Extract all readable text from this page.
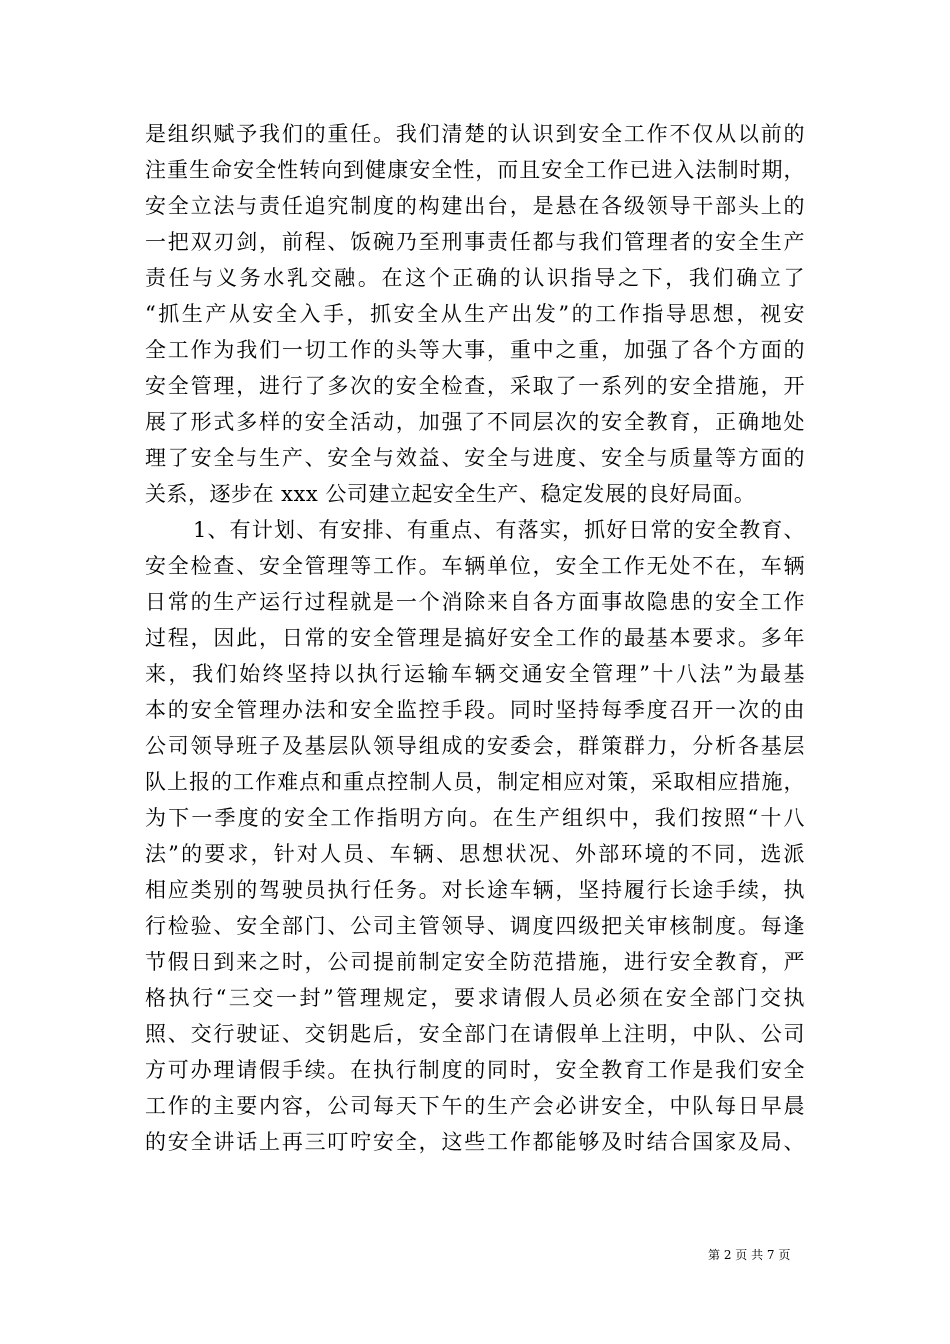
是组织赋予我们的重任。我们清楚的认识到安全工作不仅从以前的
注重生命安全性转向到健康安全性，而且安全工作已进入法制时期，
安全立法与责任追究制度的构建出台，是悬在各级领导干部头上的
一把双刃剑，前程、饭碗乃至刑事责任都与我们管理者的安全生产
责任与义务水乳交融。在这个正确的认识指导之下，我们确立了
“抓生产从安全入手，抓安全从生产出发”的工作指导思想，视安
全工作为我们一切工作的头等大事，重中之重，加强了各个方面的
安全管理，进行了多次的安全检查，采取了一系列的安全措施，开
展了形式多样的安全活动，加强了不同层次的安全教育，正确地处
理了安全与生产、安全与效益、安全与进度、安全与质量等方面的
关系，逐步在 xxx 公司建立起安全生产、稳定发展的良好局面。
1、有计划、有安排、有重点、有落实，抓好日常的安全教育、
安全检查、安全管理等工作。车辆单位，安全工作无处不在，车辆
日常的生产运行过程就是一个消除来自各方面事故隐患的安全工作
过程，因此，日常的安全管理是搞好安全工作的最基本要求。多年
来，我们始终坚持以执行运输车辆交通安全管理”十八法”为最基
本的安全管理办法和安全监控手段。同时坚持每季度召开一次的由
公司领导班子及基层队领导组成的安委会，群策群力，分析各基层
队上报的工作难点和重点控制人员，制定相应对策，采取相应措施，
为下一季度的安全工作指明方向。在生产组织中，我们按照“十八
法”的要求，针对人员、车辆、思想状况、外部环境的不同，选派
相应类别的驾驶员执行任务。对长途车辆，坚持履行长途手续，执
行检验、安全部门、公司主管领导、调度四级把关审核制度。每逢
节假日到来之时，公司提前制定安全防范措施，进行安全教育，严
格执行“三交一封”管理规定，要求请假人员必须在安全部门交执
照、交行驶证、交钥匙后，安全部门在请假单上注明，中队、公司
方可办理请假手续。在执行制度的同时，安全教育工作是我们安全
工作的主要内容，公司每天下午的生产会必讲安全，中队每日早晨
的安全讲话上再三叮咛安全，这些工作都能够及时结合国家及局、
第 2 页 共 7 页
